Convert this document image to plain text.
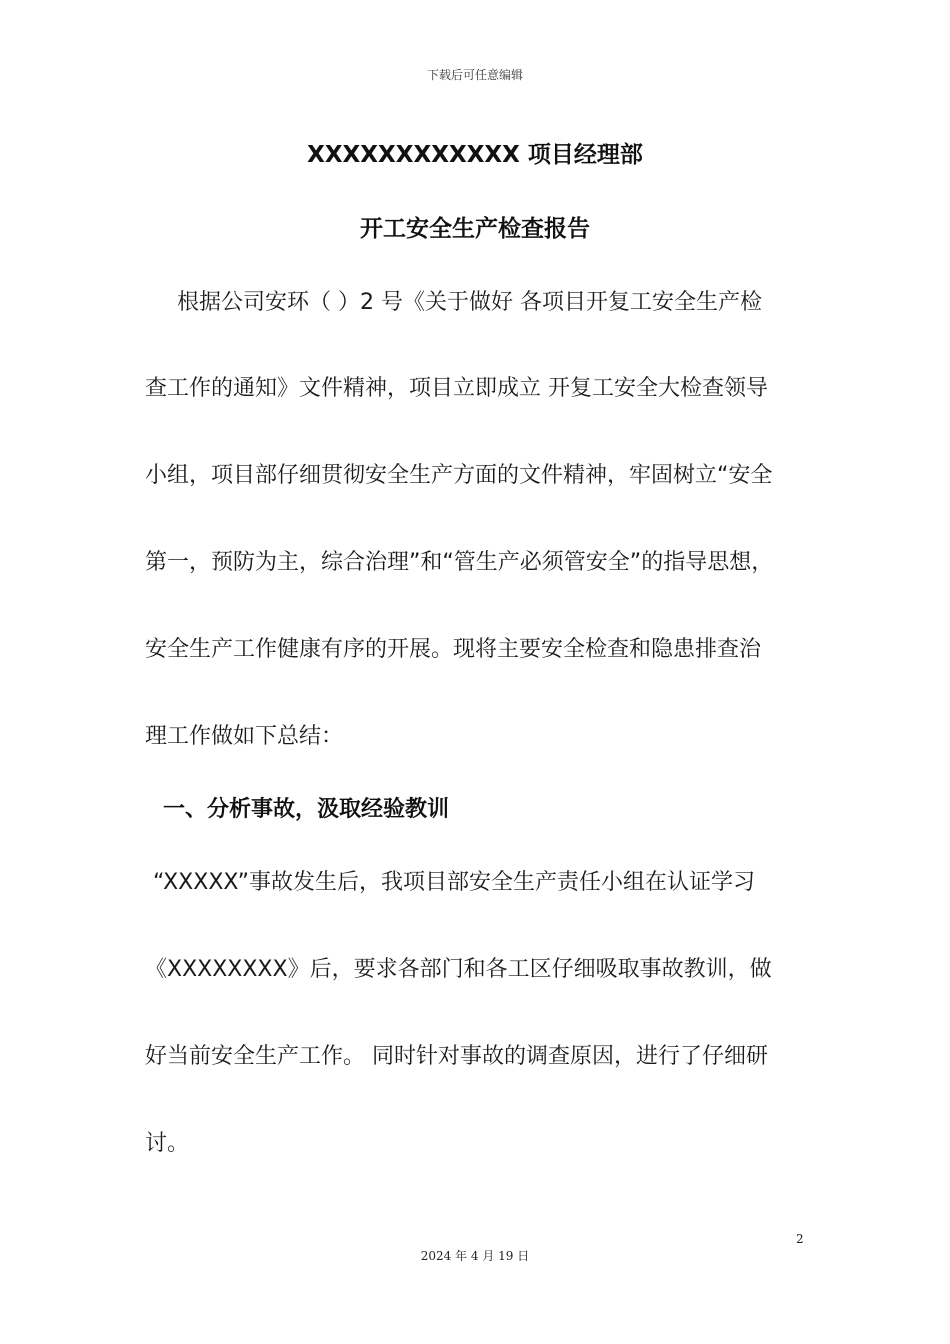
下载后可任意编辑
XXXXXXXXXXXX 项目经理部
开工安全生产检查报告
根据公司安环（ ）2 号《关于做好 各项目开复工安全生产检
查工作的通知》文件精神，项目立即成立 开复工安全大检查领导
小组，项目部仔细贯彻安全生产方面的文件精神，牢固树立“安全
第一，预防为主，综合治理”和“管生产必须管安全”的指导思想，
安全生产工作健康有序的开展。现将主要安全检查和隐患排查治
理工作做如下总结：
一、分析事故，汲取经验教训
“XXXXX”事故发生后，我项目部安全生产责任小组在认证学习
《XXXXXXXX》后，要求各部门和各工区仔细吸取事故教训，做
好当前安全生产工作。 同时针对事故的调查原因，进行了仔细研
讨。
2
2024 年 4 月 19 日
